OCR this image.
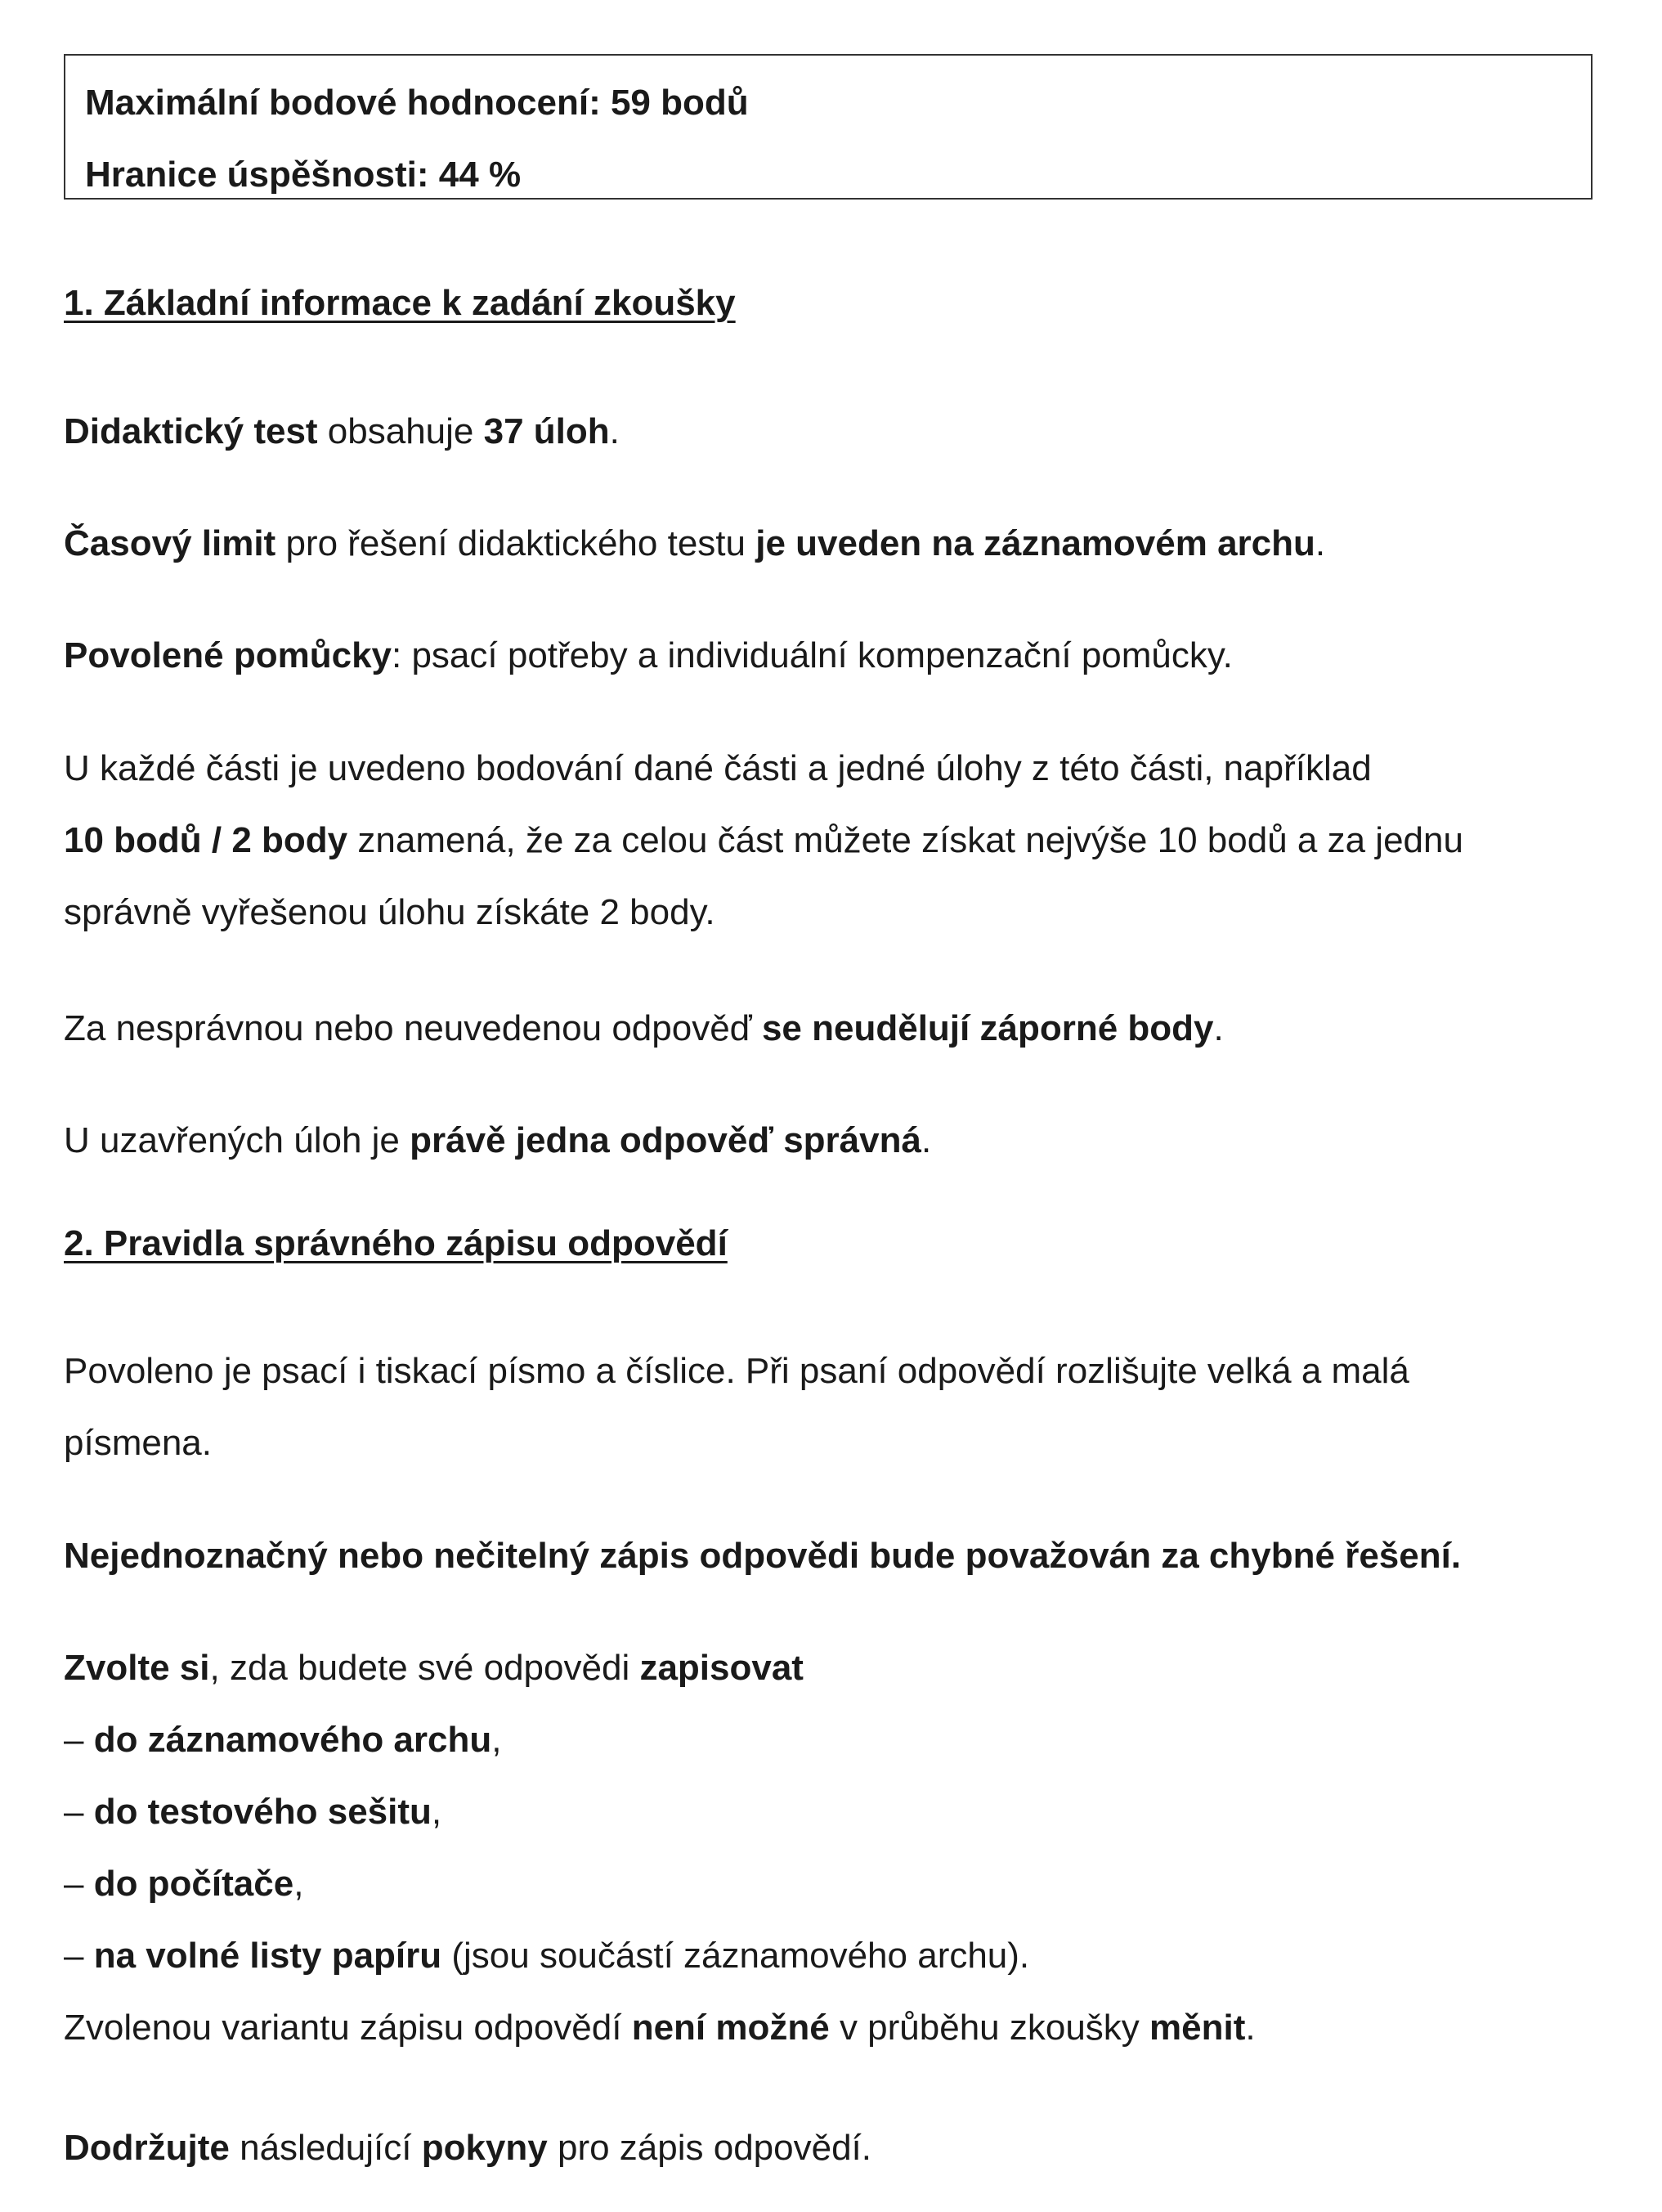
Maximální bodové hodnocení: 59 bodů
Hranice úspěšnosti: 44 %
1. Základní informace k zadání zkoušky
Didaktický test obsahuje 37 úloh.
Časový limit pro řešení didaktického testu je uveden na záznamovém archu.
Povolené pomůcky: psací potřeby a individuální kompenzační pomůcky.
U každé části je uvedeno bodování dané části a jedné úlohy z této části, například
10 bodů / 2 body znamená, že za celou část můžete získat nejvýše 10 bodů a za jednu
správně vyřešenou úlohu získáte 2 body.
Za nesprávnou nebo neuvedenou odpověď se neudělují záporné body.
U uzavřených úloh je právě jedna odpověď správná.
2. Pravidla správného zápisu odpovědí
Povoleno je psací i tiskací písmo a číslice. Při psaní odpovědí rozlišujte velká a malá
písmena.
Nejednoznačný nebo nečitelný zápis odpovědi bude považován za chybné řešení.
Zvolte si, zda budete své odpovědi zapisovat
– do záznamového archu,
– do testového sešitu,
– do počítače,
– na volné listy papíru (jsou součástí záznamového archu).
Zvolenou variantu zápisu odpovědí není možné v průběhu zkoušky měnit.
Dodržujte následující pokyny pro zápis odpovědí.
